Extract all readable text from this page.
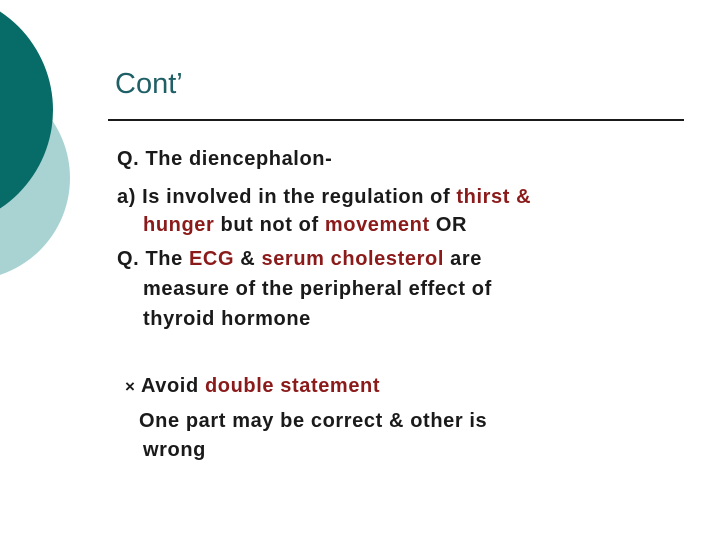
Cont’
Q. The diencephalon-
a) Is involved in the regulation of thirst &
hunger but not of movement OR
Q. The ECG & serum cholesterol are
measure of the peripheral effect of
thyroid hormone
× Avoid double statement
One part may be correct & other is
wrong
